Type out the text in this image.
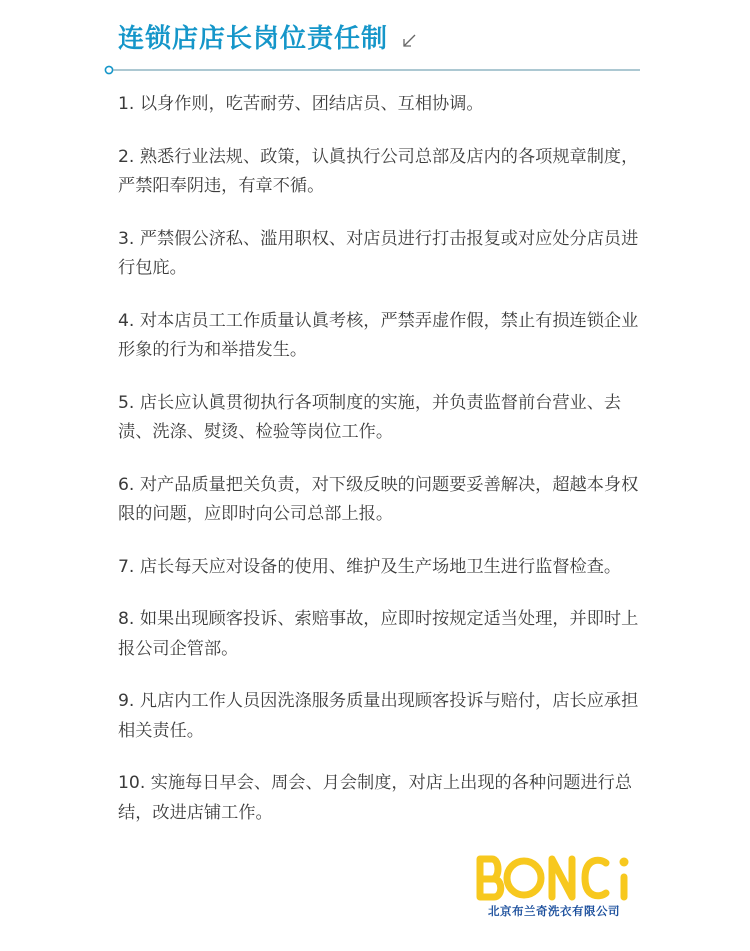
连锁店店长岗位责任制
1. 以身作则，吃苦耐劳、团结店员、互相协调。
2. 熟悉行业法规、政策，认眞执行公司总部及店内的各项规章制度，严禁阳奉阴违，有章不循。
3. 严禁假公济私、滥用职权、对店员进行打击报复或对应处分店员进行包庇。
4. 对本店员工工作质量认眞考核，严禁弄虚作假，禁止有损连锁企业形象的行为和举措发生。
5. 店长应认眞贯彻执行各项制度的实施，并负责监督前台营业、去渍、洗涤、熨烫、检验等岗位工作。
6. 对产品质量把关负责，对下级反映的问题要妥善解决，超越本身权限的问题，应即时向公司总部上报。
7. 店长每天应对设备的使用、维护及生产场地卫生进行监督检查。
8. 如果出现顾客投诉、索赔事故，应即时按规定适当处理，并即时上报公司企管部。
9. 凡店内工作人员因洗涤服务质量出现顾客投诉与赔付，店长应承担相关责任。
10. 实施每日早会、周会、月会制度，对店上出现的各种问题进行总结，改进店铺工作。
北京布兰奇洗衣有限公司
